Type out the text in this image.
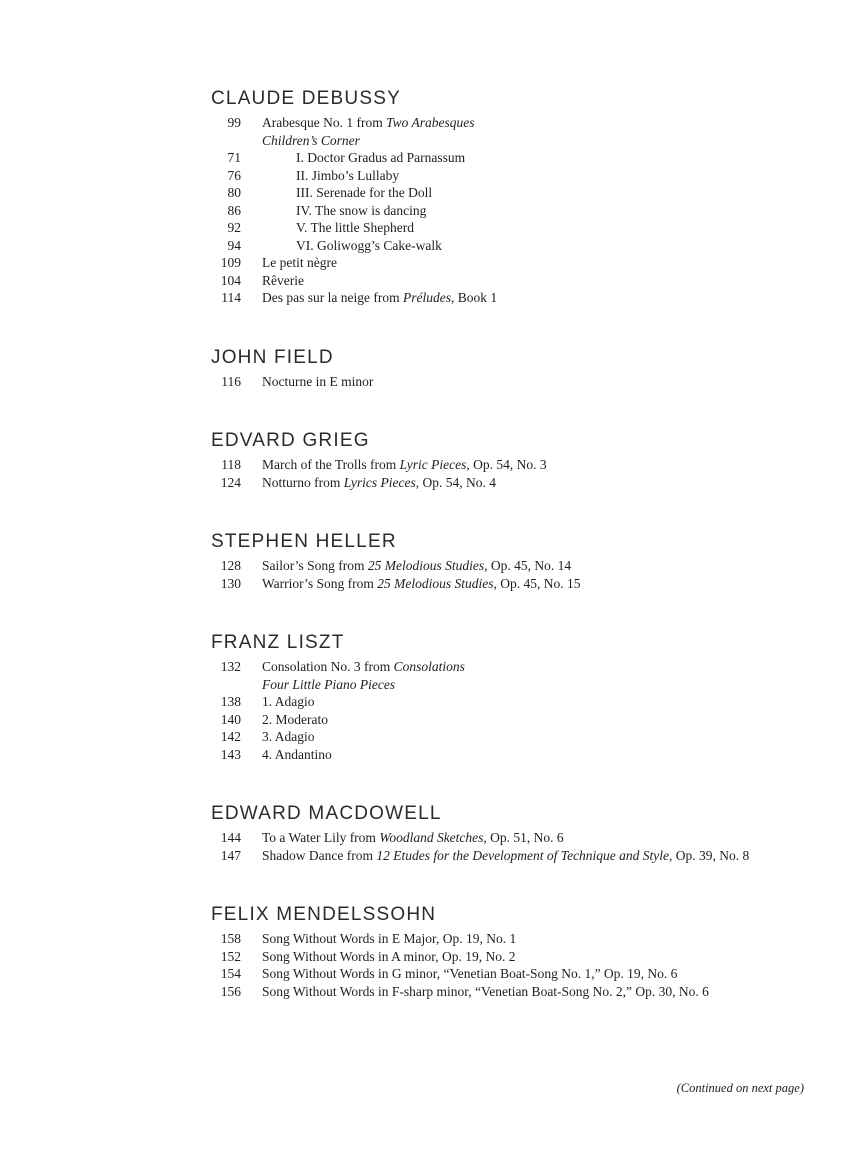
CLAUDE DEBUSSY
99 Arabesque No. 1 from Two Arabesques
Children’s Corner
71	I. Doctor Gradus ad Parnassum
76	II. Jimbo’s Lullaby
80	III. Serenade for the Doll
86	IV. The snow is dancing
92	V. The little Shepherd
94	VI. Goliwogg’s Cake-walk
109 Le petit nègre
104 Rêverie
114 Des pas sur la neige from Préludes, Book 1
JOHN FIELD
116 Nocturne in E minor
EDVARD GRIEG
118 March of the Trolls from Lyric Pieces, Op. 54, No. 3
124 Notturno from Lyrics Pieces, Op. 54, No. 4
STEPHEN HELLER
128 Sailor’s Song from 25 Melodious Studies, Op. 45, No. 14
130 Warrior’s Song from 25 Melodious Studies, Op. 45, No. 15
FRANZ LISZT
132 Consolation No. 3 from Consolations
Four Little Piano Pieces
138 1. Adagio
140 2. Moderato
142 3. Adagio
143 4. Andantino
EDWARD MACDOWELL
144 To a Water Lily from Woodland Sketches, Op. 51, No. 6
147 Shadow Dance from 12 Etudes for the Development of Technique and Style, Op. 39, No. 8
FELIX MENDELSSOHN
158 Song Without Words in E Major, Op. 19, No. 1
152 Song Without Words in A minor, Op. 19, No. 2
154 Song Without Words in G minor, “Venetian Boat-Song No. 1,” Op. 19, No. 6
156 Song Without Words in F-sharp minor, “Venetian Boat-Song No. 2,” Op. 30, No. 6
(Continued on next page)
